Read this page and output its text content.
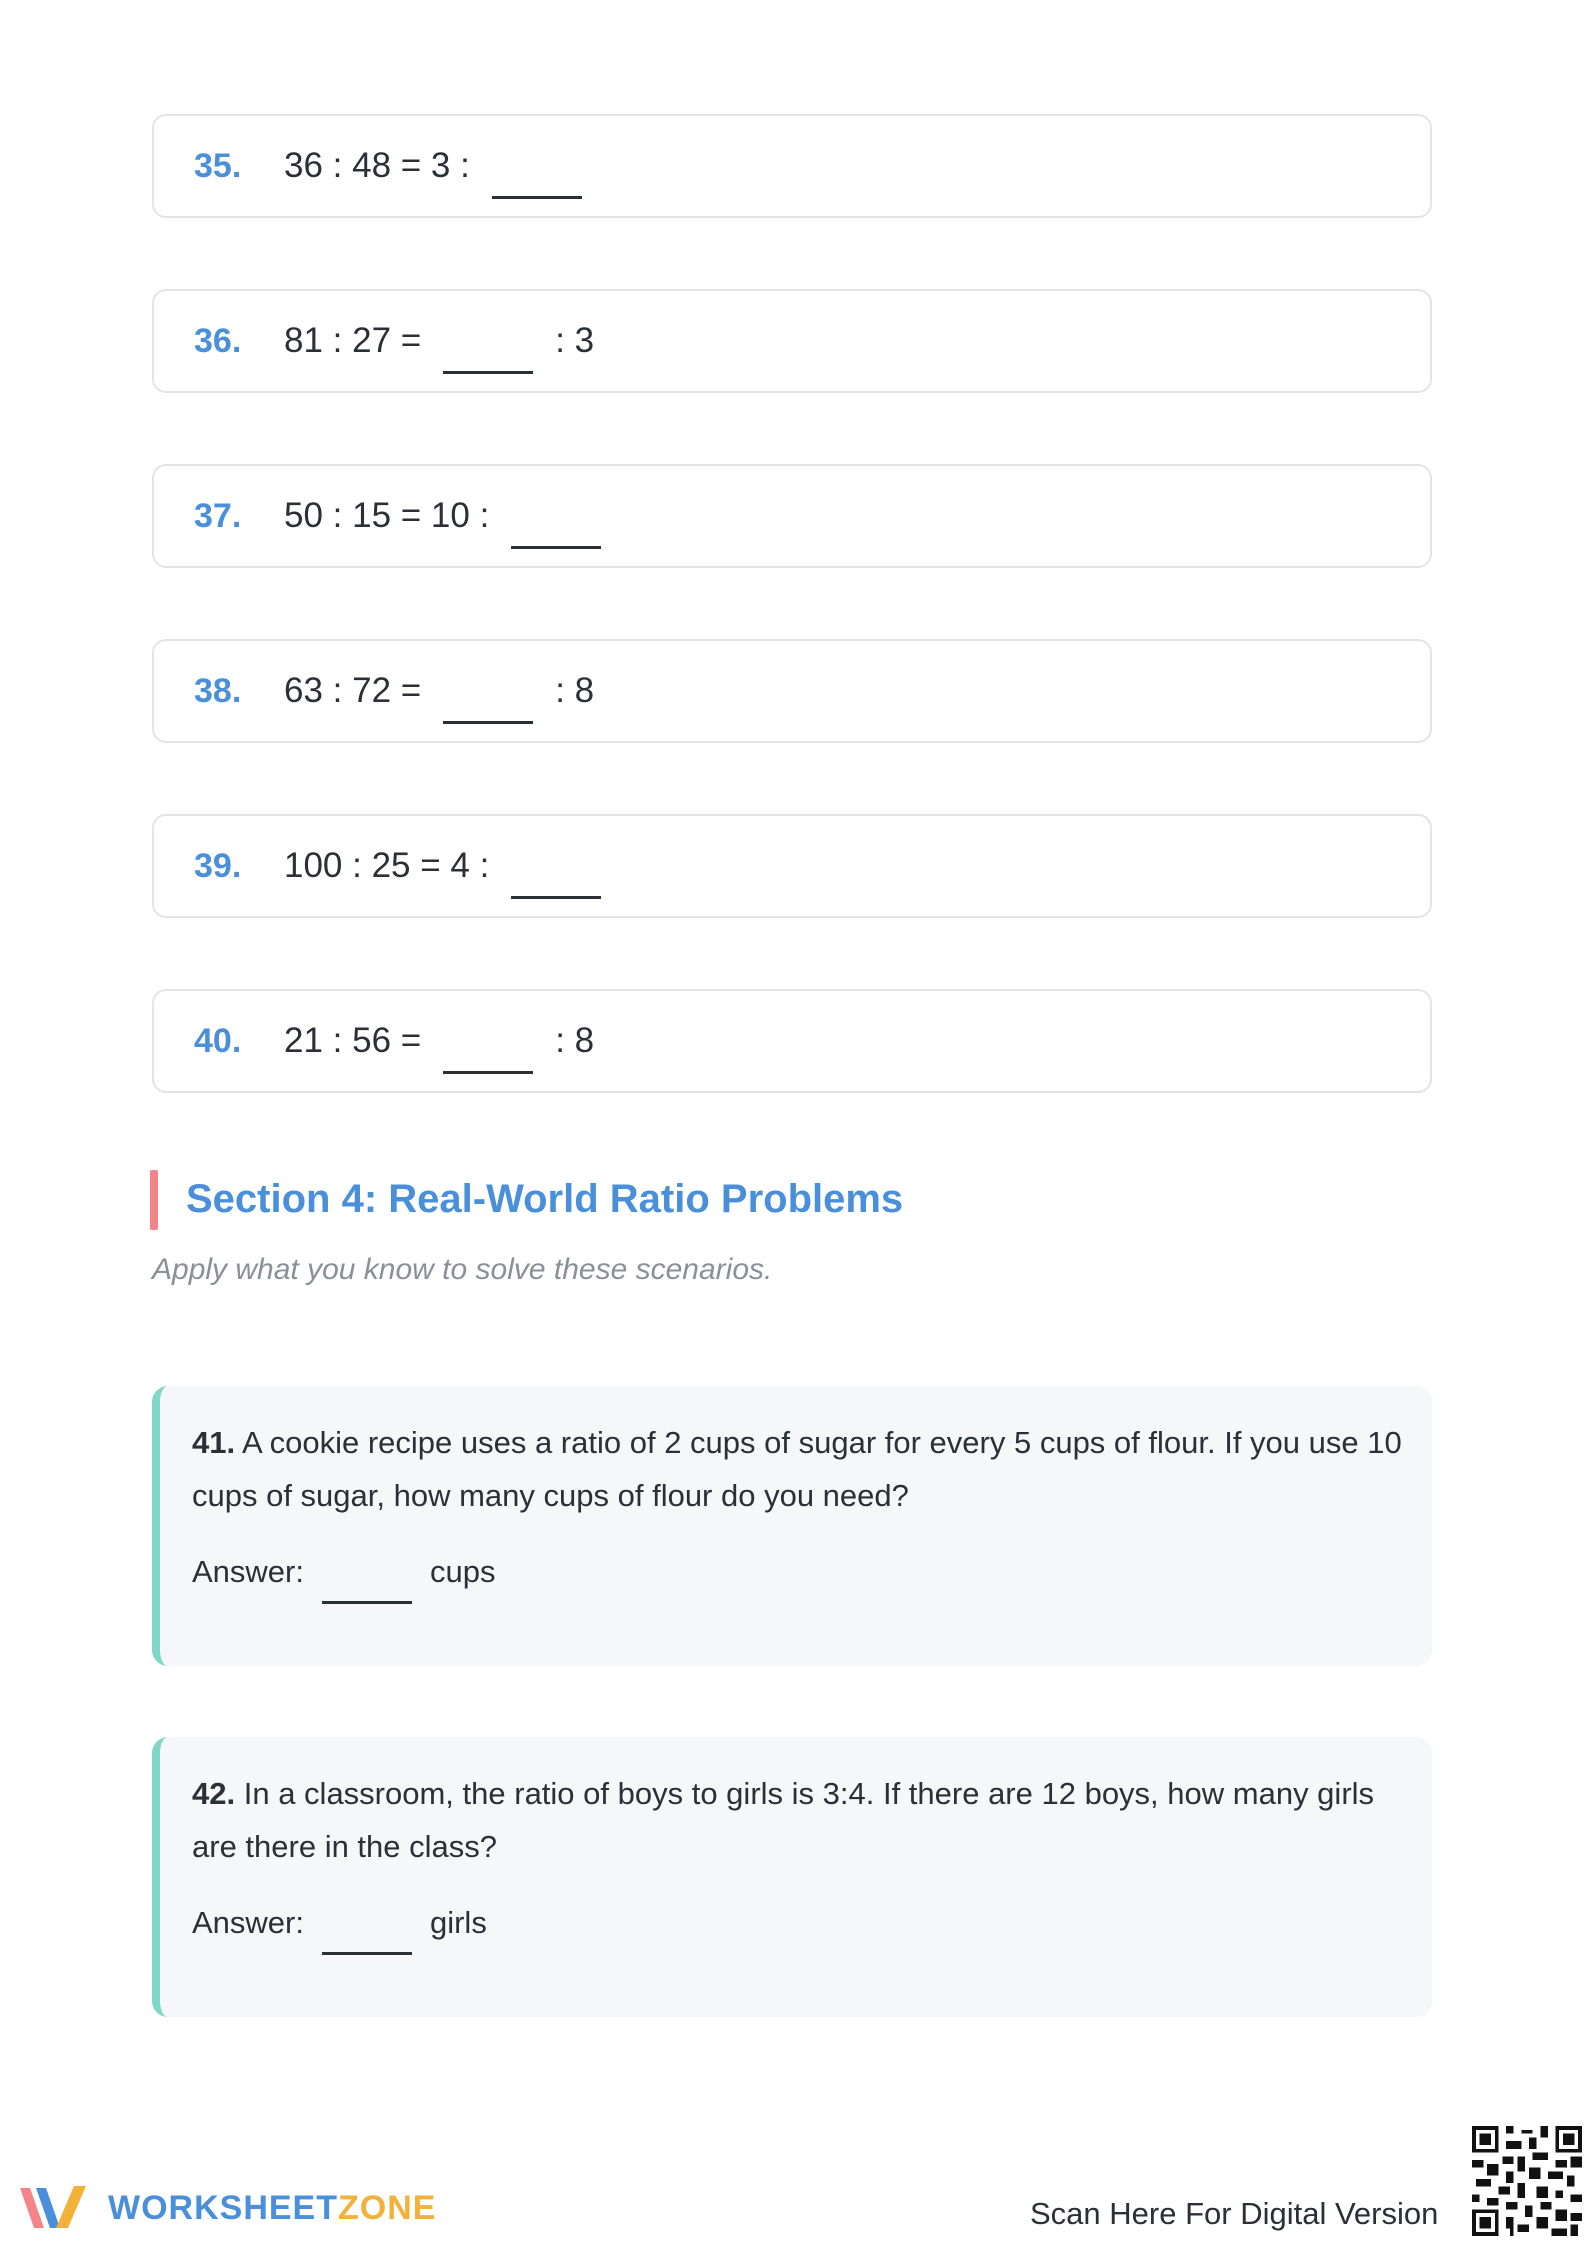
35. 36 : 48 = 3 :
36. 81 : 27 =	: 3
37. 50 : 15 = 10 :
38. 63 : 72 =	: 8
39. 100 : 25 = 4 :
40. 21 : 56 =	: 8
Section 4: Real-World Ratio Problems
Apply what you know to solve these scenarios.
41. A cookie recipe uses a ratio of 2 cups of sugar for every 5 cups of flour. If you use 10 cups of sugar, how many cups of flour do you need?
Answer:	cups
42. In a classroom, the ratio of boys to girls is 3:4. If there are 12 boys, how many girls are there in the class?
Answer:	girls
WORKSHEETZONE	Scan Here For Digital Version
